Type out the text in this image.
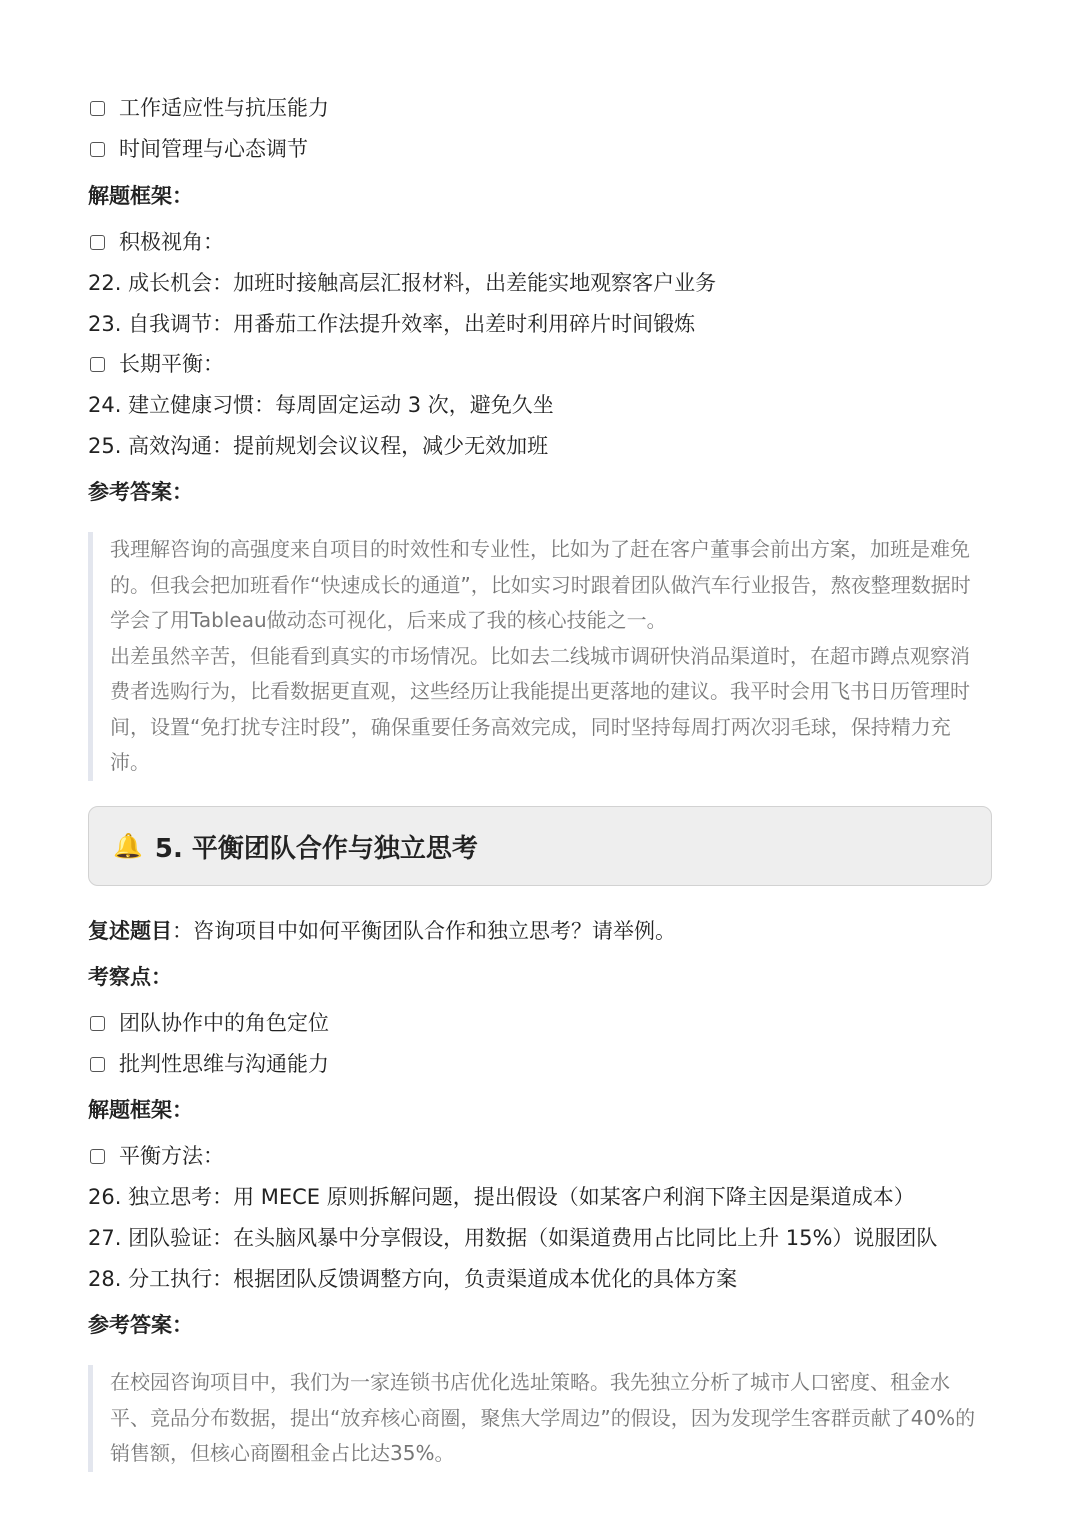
工作适应性与抗压能力
时间管理与心态调节
解题框架：
积极视角：
22. 成长机会：加班时接触高层汇报材料，出差能实地观察客户业务
23. 自我调节：用番茄工作法提升效率，出差时利用碎片时间锻炼
长期平衡：
24. 建立健康习惯：每周固定运动 3 次，避免久坐
25. 高效沟通：提前规划会议议程，减少无效加班
参考答案：

我理解咨询的高强度来自项目的时效性和专业性，比如为了赶在客户董事会前出方案，加班是难免的。但我会把加班看作“快速成长的通道”，比如实习时跟着团队做汽车行业报告，熬夜整理数据时学会了用Tableau做动态可视化，后来成了我的核心技能之一。

出差虽然辛苦，但能看到真实的市场情况。比如去二线城市调研快消品渠道时，在超市蹲点观察消费者选购行为，比看数据更直观，这些经历让我能提出更落地的建议。我平时会用飞书日历管理时间，设置“免打扰专注时段”，确保重要任务高效完成，同时坚持每周打两次羽毛球，保持精力充沛。

🔔 5. 平衡团队合作与独立思考
复述题目：咨询项目中如何平衡团队合作和独立思考？请举例。
考察点：
团队协作中的角色定位
批判性思维与沟通能力
解题框架：
平衡方法：
26. 独立思考：用 MECE 原则拆解问题，提出假设（如某客户利润下降主因是渠道成本）
27. 团队验证：在头脑风暴中分享假设，用数据（如渠道费用占比同比上升 15%）说服团队
28. 分工执行：根据团队反馈调整方向，负责渠道成本优化的具体方案
参考答案：

在校园咨询项目中，我们为一家连锁书店优化选址策略。我先独立分析了城市人口密度、租金水平、竞品分布数据，提出“放弃核心商圈，聚焦大学周边”的假设，因为发现学生客群贡献了40%的销售额，但核心商圈租金占比达35%。
